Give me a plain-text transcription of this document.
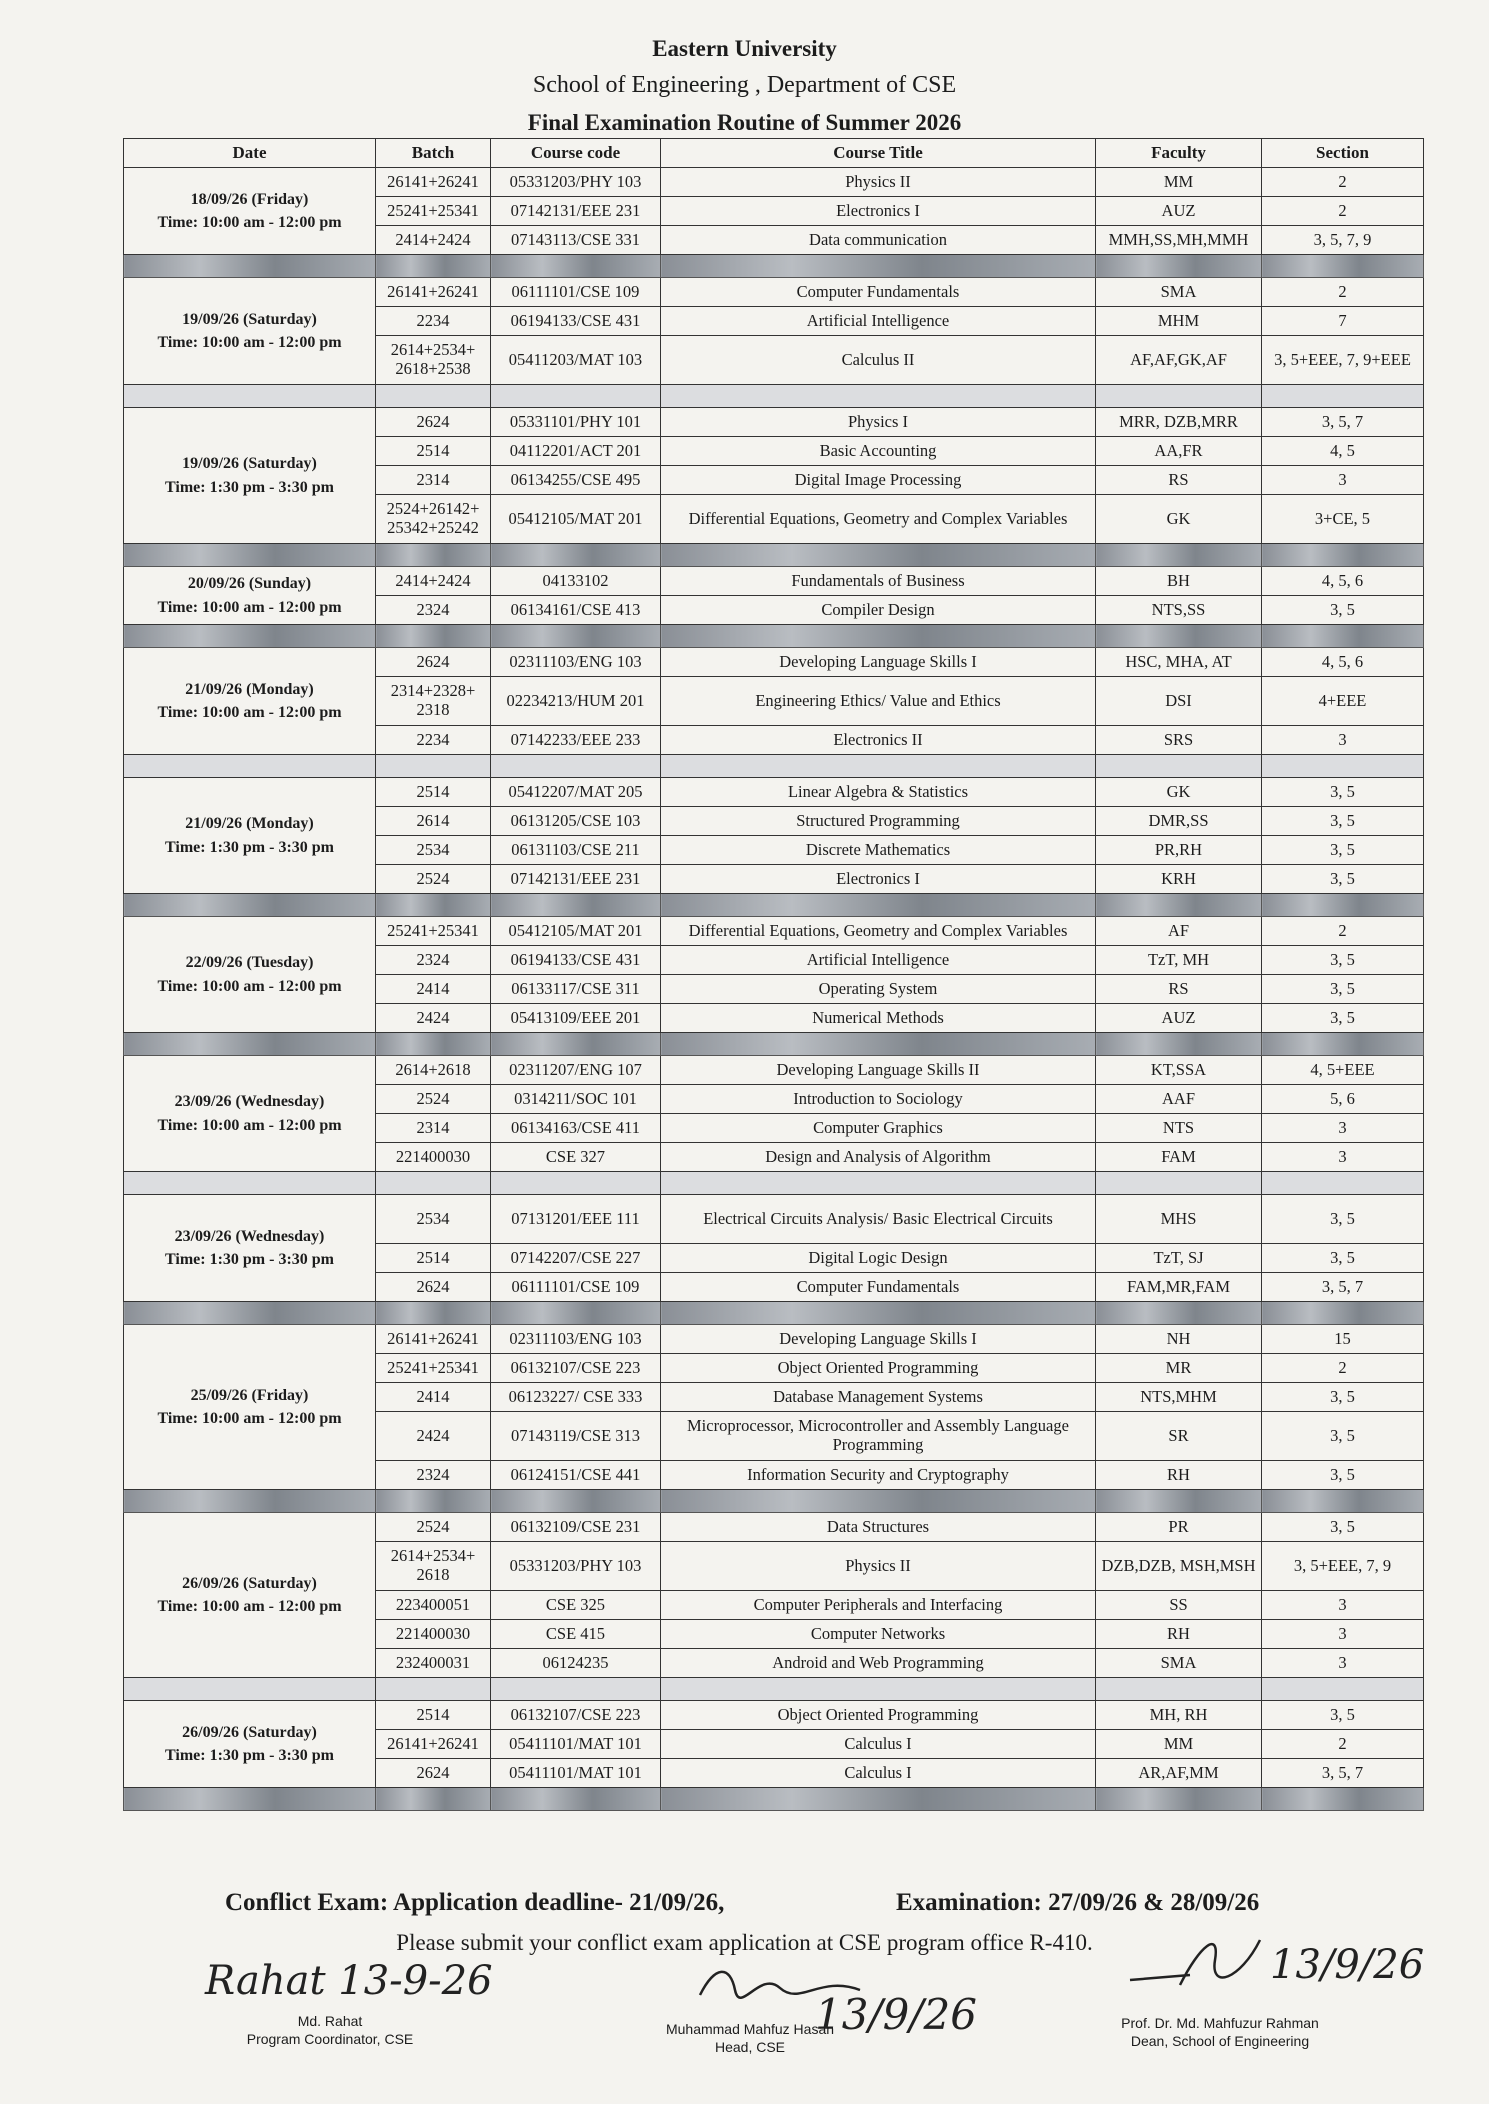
Eastern University
School of Engineering , Department of CSE
Final Examination Routine of Summer 2026
Date	Batch	Course code	Course Title	Faculty	Section

18/09/26 (Friday)
Time: 10:00 am - 12:00 pm	26141+26241	05331203/PHY 103	Physics II	MM	2
	25241+25341	07142131/EEE 231	Electronics I	AUZ	2
	2414+2424	07143113/CSE 331	Data communication	MMH,SS,MH,MMH	3, 5, 7, 9

19/09/26 (Saturday)
Time: 10:00 am - 12:00 pm	26141+26241	06111101/CSE 109	Computer Fundamentals	SMA	2
	2234	06194133/CSE 431	Artificial Intelligence	MHM	7
	2614+2534+ 2618+2538	05411203/MAT 103	Calculus II	AF,AF,GK,AF	3, 5+EEE, 7, 9+EEE

19/09/26 (Saturday)
Time: 1:30 pm - 3:30 pm	2624	05331101/PHY 101	Physics I	MRR, DZB,MRR	3, 5, 7
	2514	04112201/ACT 201	Basic Accounting	AA,FR	4, 5
	2314	06134255/CSE 495	Digital Image Processing	RS	3
	2524+26142+ 25342+25242	05412105/MAT 201	Differential Equations, Geometry and Complex Variables	GK	3+CE, 5

20/09/26 (Sunday)
Time: 10:00 am - 12:00 pm	2414+2424	04133102	Fundamentals of Business	BH	4, 5, 6
	2324	06134161/CSE 413	Compiler Design	NTS,SS	3, 5

21/09/26 (Monday)
Time: 10:00 am - 12:00 pm	2624	02311103/ENG 103	Developing Language Skills I	HSC, MHA, AT	4, 5, 6
	2314+2328+ 2318	02234213/HUM 201	Engineering Ethics/ Value and Ethics	DSI	4+EEE
	2234	07142233/EEE 233	Electronics II	SRS	3

21/09/26 (Monday)
Time: 1:30 pm - 3:30 pm	2514	05412207/MAT 205	Linear Algebra & Statistics	GK	3, 5
	2614	06131205/CSE 103	Structured Programming	DMR,SS	3, 5
	2534	06131103/CSE 211	Discrete Mathematics	PR,RH	3, 5
	2524	07142131/EEE 231	Electronics I	KRH	3, 5

22/09/26 (Tuesday)
Time: 10:00 am - 12:00 pm	25241+25341	05412105/MAT 201	Differential Equations, Geometry and Complex Variables	AF	2
	2324	06194133/CSE 431	Artificial Intelligence	TzT, MH	3, 5
	2414	06133117/CSE 311	Operating System	RS	3, 5
	2424	05413109/EEE 201	Numerical Methods	AUZ	3, 5

23/09/26 (Wednesday)
Time: 10:00 am - 12:00 pm	2614+2618	02311207/ENG 107	Developing Language Skills II	KT,SSA	4, 5+EEE
	2524	0314211/SOC 101	Introduction to Sociology	AAF	5, 6
	2314	06134163/CSE 411	Computer Graphics	NTS	3
	221400030	CSE 327	Design and Analysis of Algorithm	FAM	3

23/09/26 (Wednesday)
Time: 1:30 pm - 3:30 pm	2534	07131201/EEE 111	Electrical Circuits Analysis/ Basic Electrical Circuits	MHS	3, 5
	2514	07142207/CSE 227	Digital Logic Design	TzT, SJ	3, 5
	2624	06111101/CSE 109	Computer Fundamentals	FAM,MR,FAM	3, 5, 7

25/09/26 (Friday)
Time: 10:00 am - 12:00 pm	26141+26241	02311103/ENG 103	Developing Language Skills I	NH	15
	25241+25341	06132107/CSE 223	Object Oriented Programming	MR	2
	2414	06123227/ CSE 333	Database Management Systems	NTS,MHM	3, 5
	2424	07143119/CSE 313	Microprocessor, Microcontroller and Assembly Language Programming	SR	3, 5
	2324	06124151/CSE 441	Information Security and Cryptography	RH	3, 5

26/09/26 (Saturday)
Time: 10:00 am - 12:00 pm	2524	06132109/CSE 231	Data Structures	PR	3, 5
	2614+2534+ 2618	05331203/PHY 103	Physics II	DZB,DZB, MSH,MSH	3, 5+EEE, 7, 9
	223400051	CSE 325	Computer Peripherals and Interfacing	SS	3
	221400030	CSE 415	Computer Networks	RH	3
	232400031	06124235	Android and Web Programming	SMA	3

26/09/26 (Saturday)
Time: 1:30 pm - 3:30 pm	2514	06132107/CSE 223	Object Oriented Programming	MH, RH	3, 5
	26141+26241	05411101/MAT 101	Calculus I	MM	2
	2624	05411101/MAT 101	Calculus I	AR,AF,MM	3, 5, 7

Conflict Exam: Application deadline- 21/09/26,	Examination: 27/09/26 & 28/09/26
Please submit your conflict exam application at CSE program office R-410.
Rahat 13-9-26
Md. Rahat
Program Coordinator, CSE
13/9/26
Muhammad Mahfuz Hasan
Head, CSE
13/9/26
Prof. Dr. Md. Mahfuzur Rahman
Dean, School of Engineering
